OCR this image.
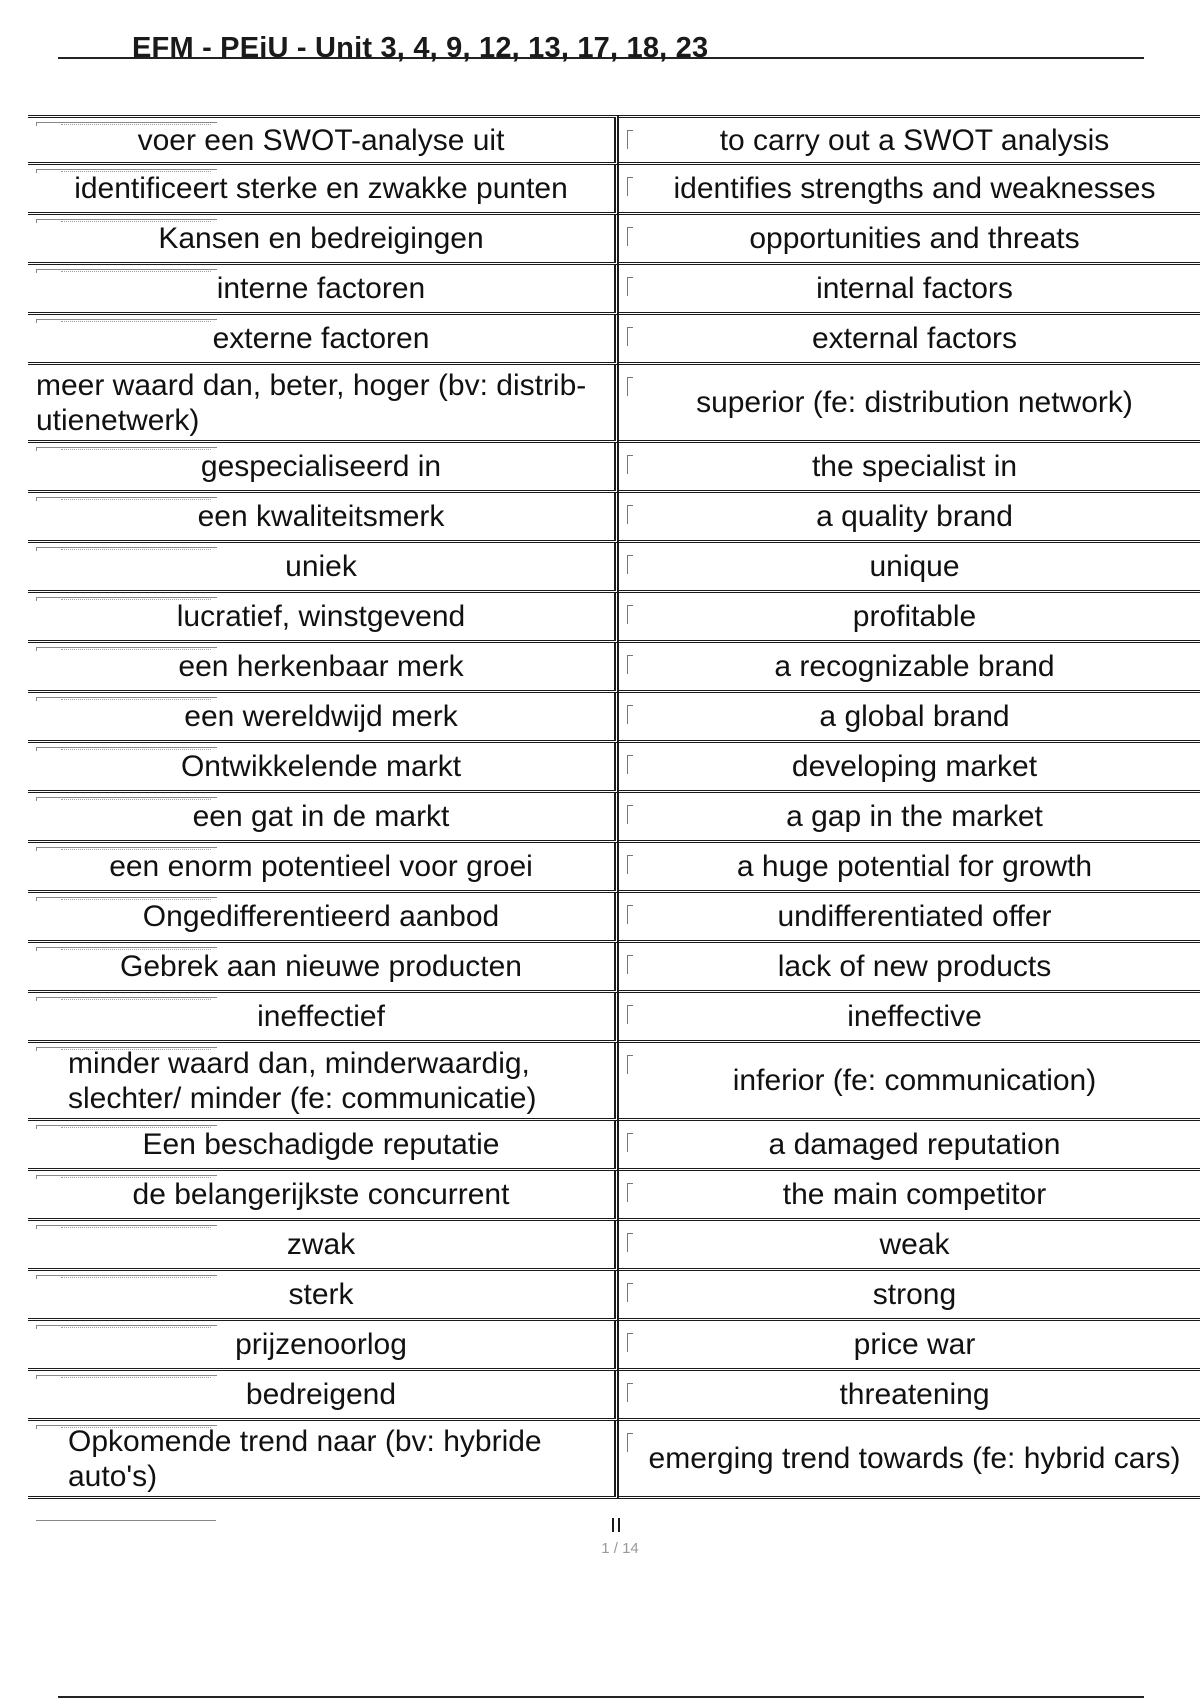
EFM - PEiU - Unit 3, 4, 9, 12, 13, 17, 18, 23
voer een SWOT-analyse uit	to carry out a SWOT analysis

identificeert sterke en zwakke punten	identifies strengths and weaknesses

Kansen en bedreigingen	opportunities and threats

interne factoren	internal factors

externe factoren	external factors
meer waard dan, beter, hoger (bv: distrib-utienetwerk)	superior (fe: distribution network)

gespecialiseerd in	the specialist in

een kwaliteitsmerk	a quality brand

uniek	unique

lucratief, winstgevend	profitable

een herkenbaar merk	a recognizable brand

een wereldwijd merk	a global brand

Ontwikkelende markt	developing market

een gat in de markt	a gap in the market

een enorm potentieel voor groei	a huge potential for growth

Ongedifferentieerd aanbod	undifferentiated offer

Gebrek aan nieuwe producten	lack of new products

ineffectief	ineffective

minder waard dan, minderwaardig, slechter/ minder (fe: communicatie)	inferior (fe: communication)

Een beschadigde reputatie	a damaged reputation

de belangerijkste concurrent	the main competitor

zwak	weak

sterk	strong

prijzenoorlog	price war

bedreigend	threatening

Opkomende trend naar (bv: hybride auto's)	emerging trend towards (fe: hybrid cars)
1 / 14
